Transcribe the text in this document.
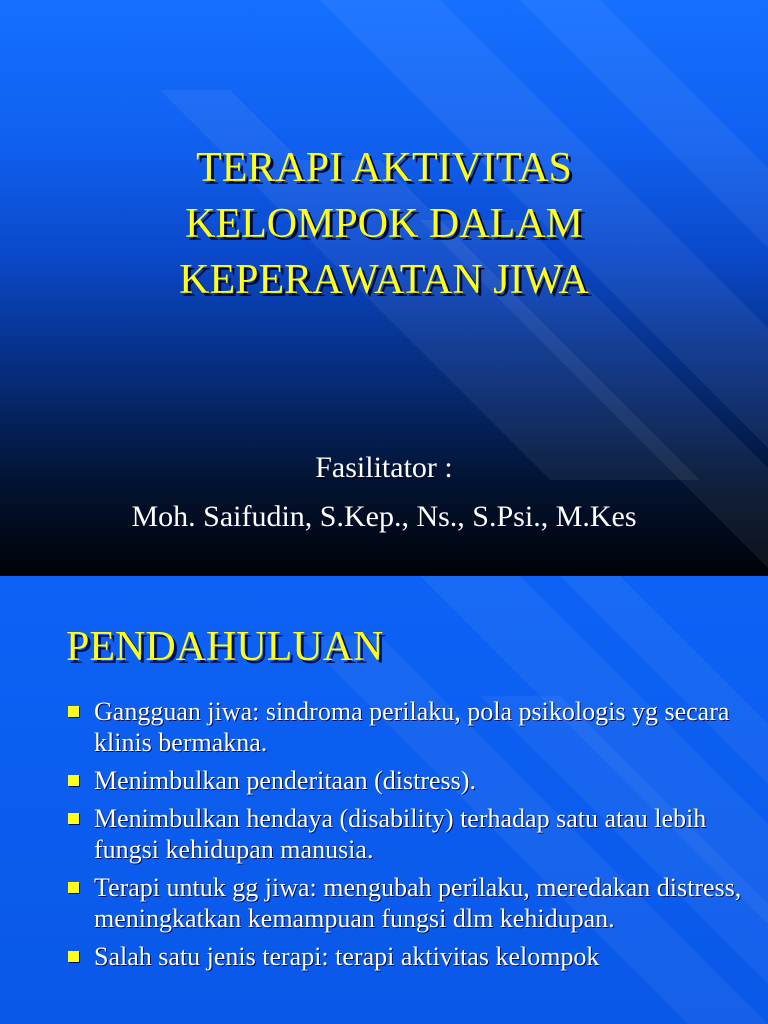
TERAPI AKTIVITAS
KELOMPOK DALAM
KEPERAWATAN JIWA
Fasilitator :
Moh. Saifudin, S.Kep., Ns., S.Psi., M.Kes
PENDAHULUAN
Gangguan jiwa: sindroma perilaku, pola psikologis yg secara klinis bermakna.
Menimbulkan penderitaan (distress).
Menimbulkan hendaya (disability) terhadap satu atau lebih fungsi kehidupan manusia.
Terapi untuk gg jiwa: mengubah perilaku, meredakan distress, meningkatkan kemampuan fungsi dlm kehidupan.
Salah satu jenis terapi: terapi aktivitas kelompok
